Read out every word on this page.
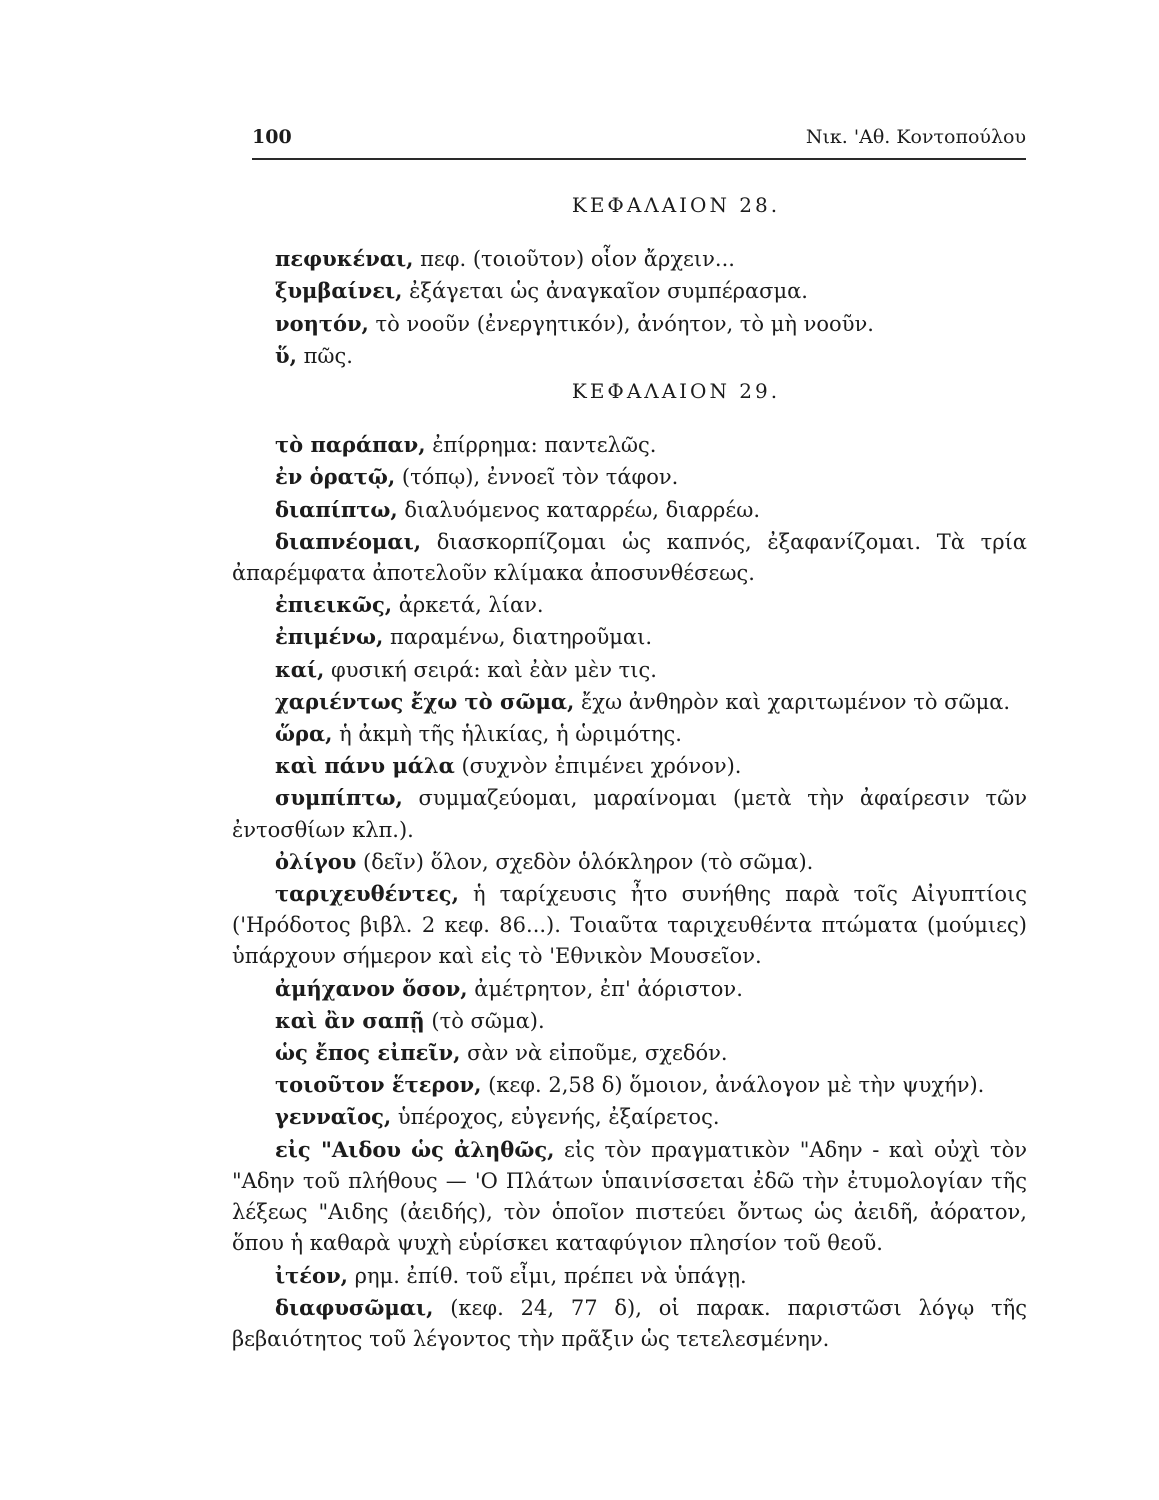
100	Νικ. 'Αθ. Κοντοπούλου
ΚΕΦΑΛΑΙΟΝ 28.

πεφυκέναι, πεφ. (τοιοῦτον) οἷον ἄρχειν...

ξυμβαίνει, ἐξάγεται ὡς ἀναγκαῖον συμπέρασμα.

νοητόν, τὸ νοοῦν (ἐνεργητικόν), ἀνόητον, τὸ μὴ νοοῦν.

ὕ, πῶς.

ΚΕΦΑΛΑΙΟΝ 29.

τὸ παράπαν, ἐπίρρημα: παντελῶς.

ἐν ὁρατῷ, (τόπῳ), ἐννοεῖ τὸν τάφον.

διαπίπτω, διαλυόμενος καταρρέω, διαρρέω.

διαπνέομαι, διασκορπίζομαι ὡς καπνός, ἐξαφανίζομαι. Τὰ τρία ἀπαρέμφατα ἀποτελοῦν κλίμακα ἀποσυνθέσεως.

ἐπιεικῶς, ἀρκετά, λίαν.

ἐπιμένω, παραμένω, διατηροῦμαι.

καί, φυσική σειρά: καὶ ἐὰν μὲν τις.

χαριέντως ἔχω τὸ σῶμα, ἔχω ἀνθηρὸν καὶ χαριτωμένον τὸ σῶμα.

ὥρα, ἡ ἀκμὴ τῆς ἡλικίας, ἡ ὡριμότης.

καὶ πάνυ μάλα (συχνὸν ἐπιμένει χρόνον).

συμπίπτω, συμμαζεύομαι, μαραίνομαι (μετὰ τὴν ἀφαίρεσιν τῶν ἐντοσθίων κλπ.).

ὀλίγου (δεῖν) ὅλον, σχεδὸν ὁλόκληρον (τὸ σῶμα).

ταριχευθέντες, ἡ ταρίχευσις ἦτο συνήθης παρὰ τοῖς Αἰγυπτίοις ('Ηρόδοτος βιβλ. 2 κεφ. 86...). Τοιαῦτα ταριχευθέντα πτώματα (μούμιες) ὑπάρχουν σήμερον καὶ εἰς τὸ 'Εθνικὸν Μουσεῖον.

ἀμήχανον ὅσον, ἀμέτρητον, ἐπ' ἀόριστον.

καὶ ἂν σαπῇ (τὸ σῶμα).

ὡς ἔπος εἰπεῖν, σὰν νὰ εἰποῦμε, σχεδόν.

τοιοῦτον ἕτερον, (κεφ. 2,58 δ) ὅμοιον, ἀνάλογον μὲ τὴν ψυχήν).

γενναῖος, ὑπέροχος, εὐγενής, ἐξαίρετος.

εἰς "Αιδου ὡς ἀληθῶς, εἰς τὸν πραγματικὸν "Αδην - καὶ οὐχὶ τὸν "Αδην τοῦ πλήθους — 'Ο Πλάτων ὑπαινίσσεται ἐδῶ τὴν ἐτυμολογίαν τῆς λέξεως "Αιδης (ἀειδής), τὸν ὁποῖον πιστεύει ὄντως ὡς ἀειδῆ, ἀόρατον, ὅπου ἡ καθαρὰ ψυχὴ εὑρίσκει καταφύγιον πλησίον τοῦ θεοῦ.

ἰτέον, ρημ. ἐπίθ. τοῦ εἶμι, πρέπει νὰ ὑπάγῃ.

διαφυσῶμαι, (κεφ. 24, 77 δ), οἱ παρακ. παριστῶσι λόγῳ τῆς βεβαιότητος τοῦ λέγοντος τὴν πρᾶξιν ὡς τετελεσμένην.
